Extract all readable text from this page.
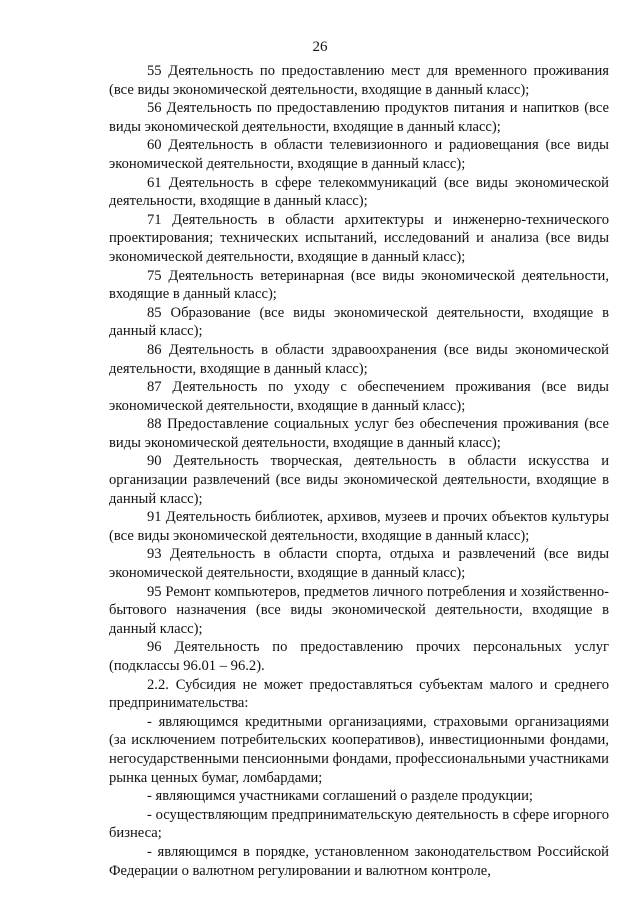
26

55 Деятельность по предоставлению мест для временного проживания (все виды экономической деятельности, входящие в данный класс);

56 Деятельность по предоставлению продуктов питания и напитков (все виды экономической деятельности, входящие в данный класс);

60 Деятельность в области телевизионного и радиовещания (все виды экономической деятельности, входящие в данный класс);

61 Деятельность в сфере телекоммуникаций (все виды экономической деятельности, входящие в данный класс);

71 Деятельность в области архитектуры и инженерно-технического проектирования; технических испытаний, исследований и анализа (все виды экономической деятельности, входящие в данный класс);

75 Деятельность ветеринарная (все виды экономической деятельности, входящие в данный класс);

85 Образование (все виды экономической деятельности, входящие в данный класс);

86 Деятельность в области здравоохранения (все виды экономической деятельности, входящие в данный класс);

87 Деятельность по уходу с обеспечением проживания (все виды экономической деятельности, входящие в данный класс);

88 Предоставление социальных услуг без обеспечения проживания (все виды экономической деятельности, входящие в данный класс);

90 Деятельность творческая, деятельность в области искусства и организации развлечений (все виды экономической деятельности, входящие в данный класс);

91 Деятельность библиотек, архивов, музеев и прочих объектов культуры (все виды экономической деятельности, входящие в данный класс);

93 Деятельность в области спорта, отдыха и развлечений (все виды экономической деятельности, входящие в данный класс);

95 Ремонт компьютеров, предметов личного потребления и хозяйственно-бытового назначения (все виды экономической деятельности, входящие в данный класс);

96 Деятельность по предоставлению прочих персональных услуг (подклассы 96.01 – 96.2).

2.2. Субсидия не может предоставляться субъектам малого и среднего предпринимательства:

- являющимся кредитными организациями, страховыми организациями (за исключением потребительских кооперативов), инвестиционными фондами, негосударственными пенсионными фондами, профессиональными участниками рынка ценных бумаг, ломбардами;

- являющимся участниками соглашений о разделе продукции;

- осуществляющим предпринимательскую деятельность в сфере игорного бизнеса;

- являющимся в порядке, установленном законодательством Российской Федерации о валютном регулировании и валютном контроле,
